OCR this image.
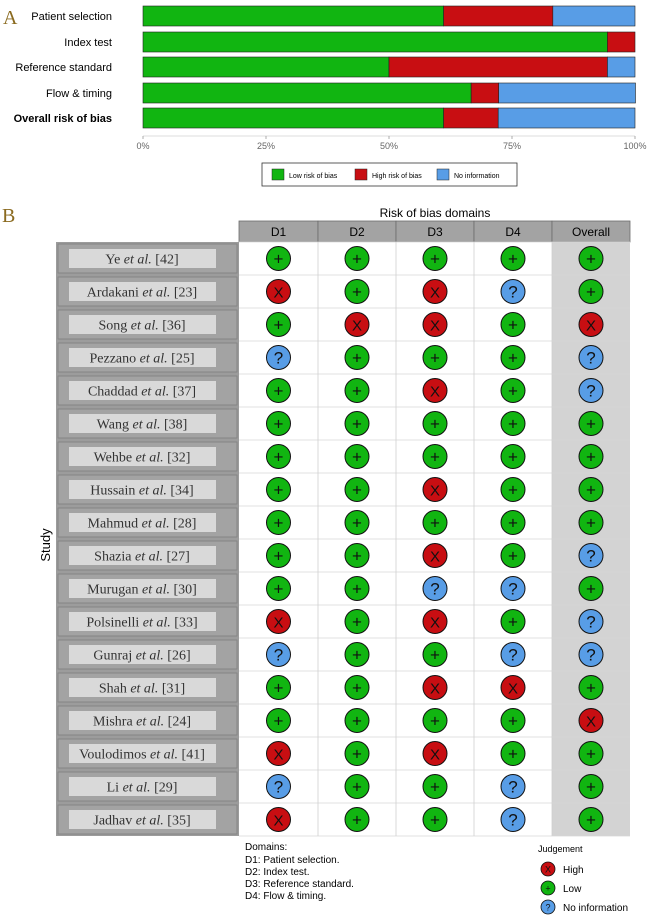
A Patient selection
Index test
Reference standard
Flow & timing
Overall risk of bias
0%	25%	50%	75%	100%
Low risk of bias	High risk of bias	No information
B	Risk of bias domains
D1	D2	D3	D4	Overall
Ye et al. [42]	+	+	+	+	+
Ardakani et al. [23]	X	+	X	?	+
Song et al. [36]	+	X	X	+	X
Pezzano et al. [25]	?	+	+	+	?
Chaddad et al. [37]	+	+	X	+	?
Wang et al. [38]	+	+	+	+	+
Wehbe et al. [32]	+	+	+	+	+
Hussain et al. [34]	+	+	X	+	+
Mahmud et al. [28]	+	+	+	+	+
Shazia et al. [27]	+	+	X	+	?
Murugan et al. [30]	+	+	?	?	+
Polsinelli et al. [33]	X	+	X	+	?
Gunraj et al. [26]	?	+	+	?	?
Shah et al. [31]	+	+	X	X	+
Mishra et al. [24]	+	+	+	+	X
Voulodimos et al. [41]	X	+	X	+	+
Li et al. [29]	?	+	+	?	+
Jadhav et al. [35]	X	+	+	?	+
Study
Domains:
D1: Patient selection.
D2: Index test.
D3: Reference standard.
D4: Flow & timing.
Judgement
X High
+ Low
? No information
